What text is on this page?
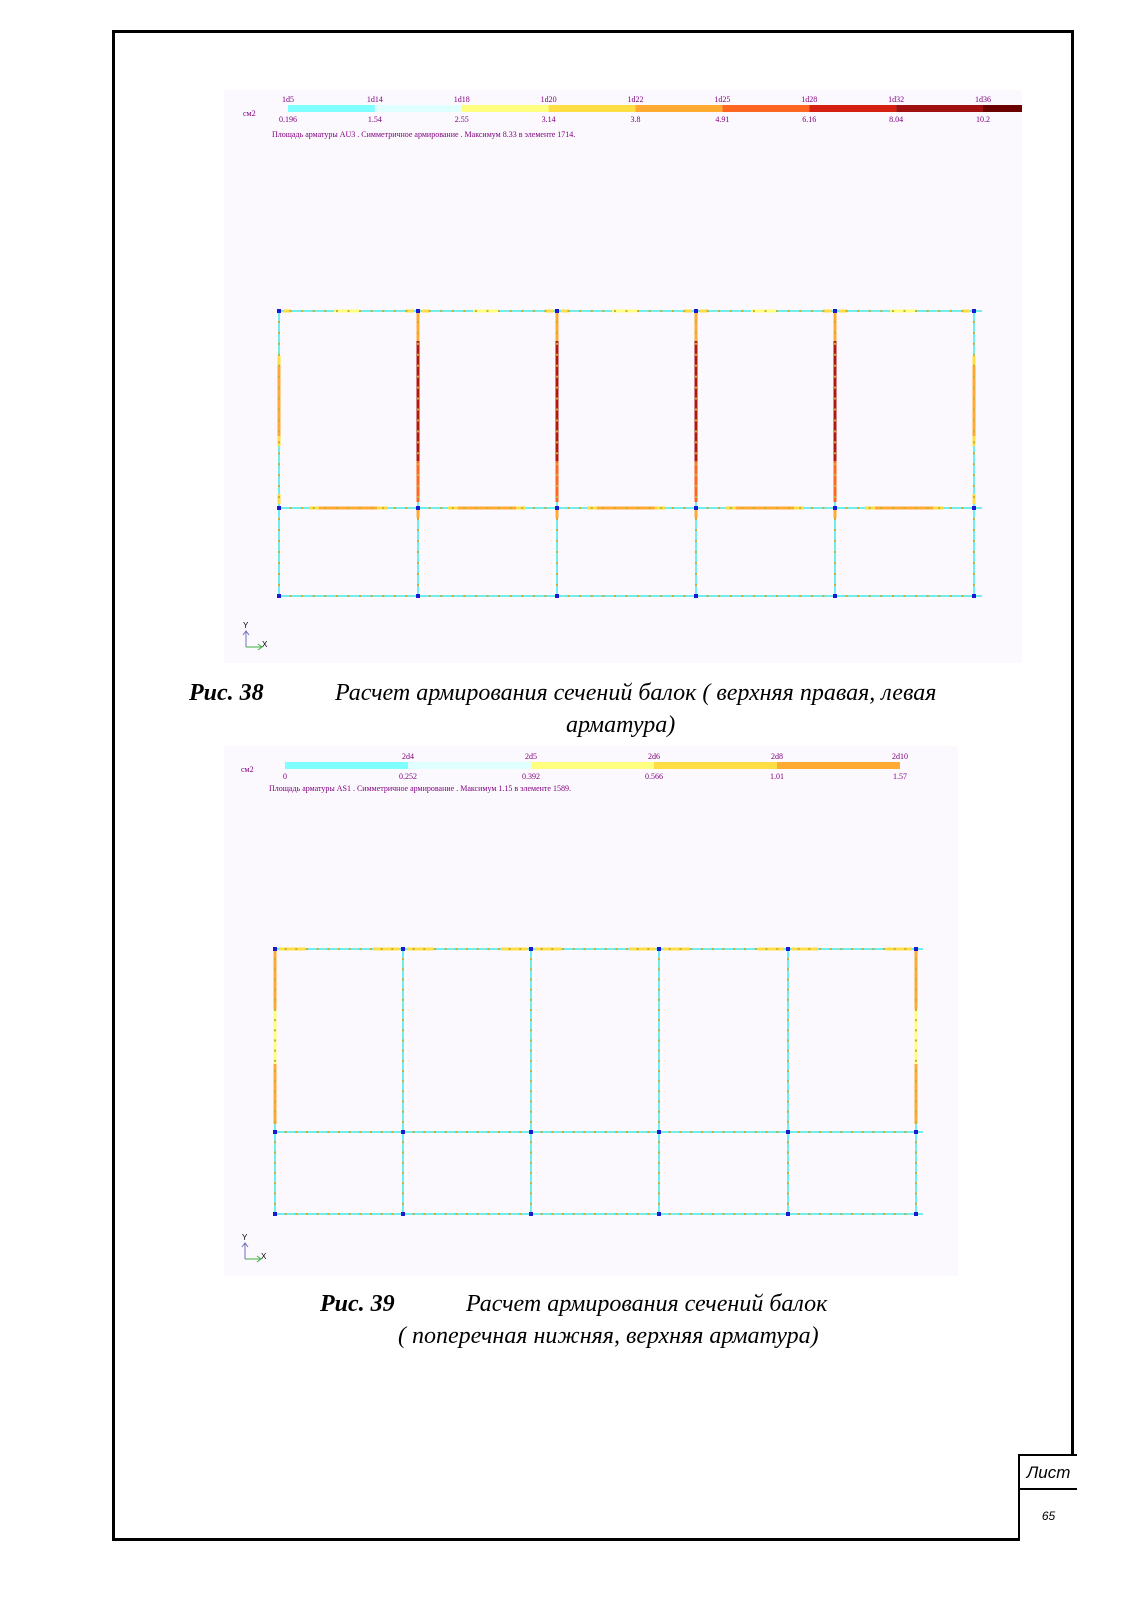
см2
1d5	1d14	1d18	1d20	1d22	1d25	1d28	1d32	1d36
0.196	1.54	2.55	3.14	3.8	4.91	6.16	8.04	10.2
Площадь арматуры AU3 . Симметричное армирование . Максимум 8.33 в элементе 1714.
Y
X
Рис. 38	Расчет армирования сечений балок ( верхняя правая, левая
арматура)
см2
2d4	2d5	2d6	2d8	2d10
0	0.252	0.392	0.566	1.01	1.57
Площадь арматуры AS1 . Симметричное армирование . Максимум 1.15 в элементе 1589.
Y
X
Рис. 39	Расчет армирования сечений балок
( поперечная нижняя, верхняя арматура)
Лист
65
